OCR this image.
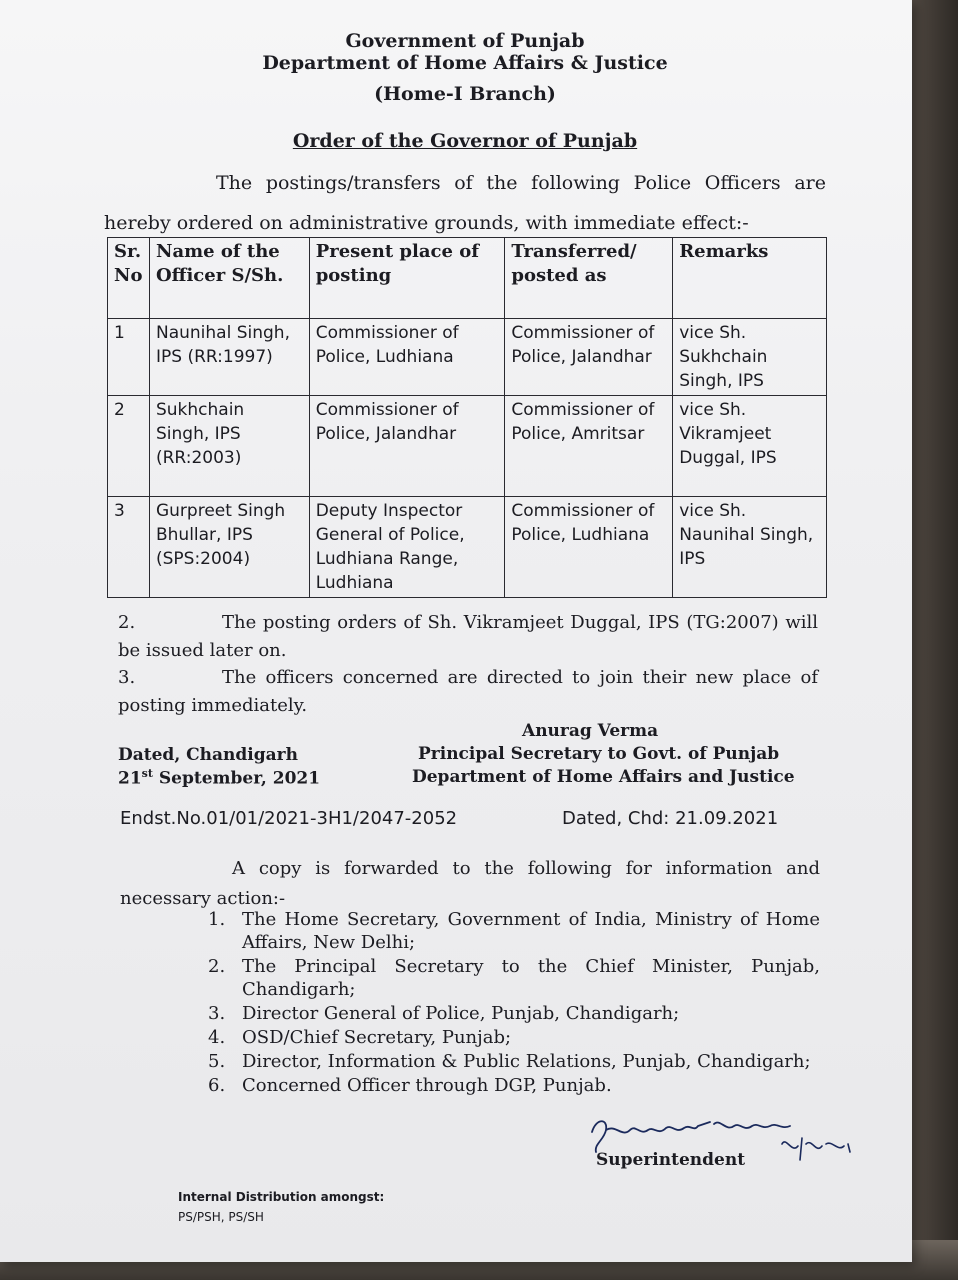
Government of Punjab
Department of Home Affairs & Justice
(Home-I Branch)
Order of the Governor of Punjab
The postings/transfers of the following Police Officers are hereby ordered on administrative grounds, with immediate effect:-
Sr. No	Name of the Officer S/Sh.	Present place of posting	Transferred/ posted as	Remarks
1	Naunihal Singh, IPS (RR:1997)	Commissioner of Police, Ludhiana	Commissioner of Police, Jalandhar	vice Sh. Sukhchain Singh, IPS
2	Sukhchain Singh, IPS (RR:2003)	Commissioner of Police, Jalandhar	Commissioner of Police, Amritsar	vice Sh. Vikramjeet Duggal, IPS
3	Gurpreet Singh Bhullar, IPS (SPS:2004)	Deputy Inspector General of Police, Ludhiana Range, Ludhiana	Commissioner of Police, Ludhiana	vice Sh. Naunihal Singh, IPS
2.	The posting orders of Sh. Vikramjeet Duggal, IPS (TG:2007) will be issued later on.
3.	The officers concerned are directed to join their new place of posting immediately.
Anurag Verma
Principal Secretary to Govt. of Punjab
Department of Home Affairs and Justice
Dated, Chandigarh
21st September, 2021
Endst.No.01/01/2021-3H1/2047-2052	Dated, Chd: 21.09.2021
A copy is forwarded to the following for information and necessary action:-
1. The Home Secretary, Government of India, Ministry of Home Affairs, New Delhi;
2. The Principal Secretary to the Chief Minister, Punjab, Chandigarh;
3. Director General of Police, Punjab, Chandigarh;
4. OSD/Chief Secretary, Punjab;
5. Director, Information & Public Relations, Punjab, Chandigarh;
6. Concerned Officer through DGP, Punjab.
Superintendent
Internal Distribution amongst:
PS/PSH, PS/SH
